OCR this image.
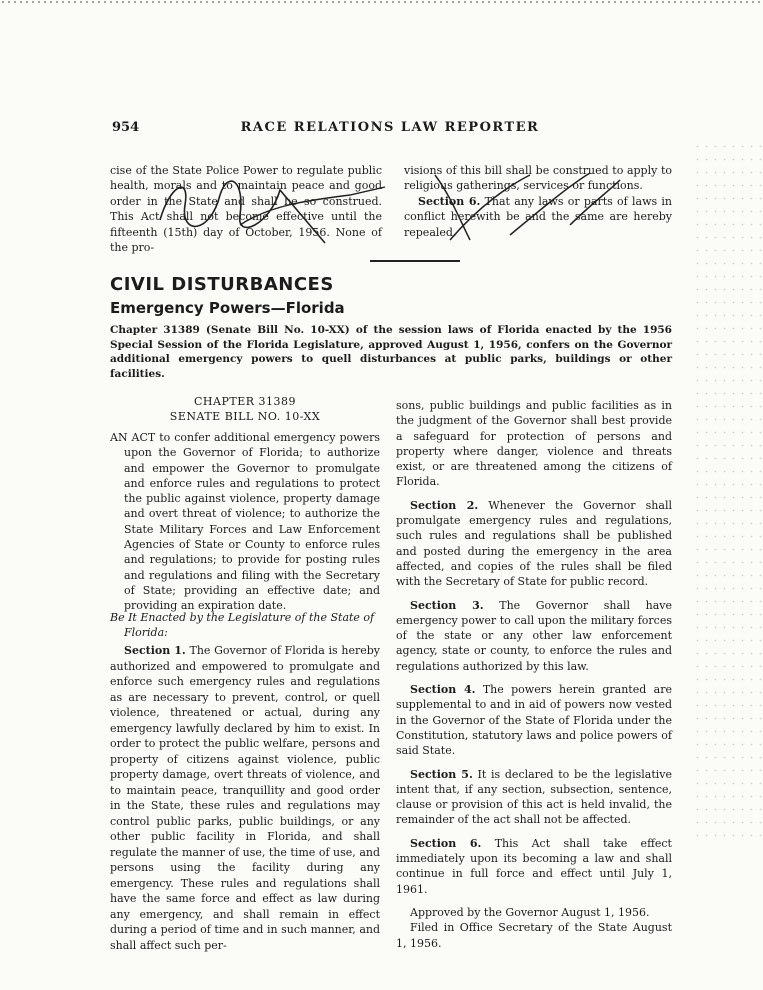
954	RACE RELATIONS LAW REPORTER

cise of the State Police Power to regulate public health, morals and to maintain peace and good order in the State and shall be so construed. This Act shall not become effective until the fifteenth (15th) day of October, 1956. None of the pro-

visions of this bill shall be construed to apply to religious gatherings, services or functions.

Section 6. That any laws or parts of laws in conflict herewith be and the same are hereby repealed.

CIVIL DISTURBANCES
Emergency Powers—Florida
Chapter 31389 (Senate Bill No. 10-XX) of the session laws of Florida enacted by the 1956 Special Session of the Florida Legislature, approved August 1, 1956, confers on the Governor additional emergency powers to quell disturbances at public parks, buildings or other facilities.
CHAPTER 31389
SENATE BILL NO. 10-XX
AN ACT to confer additional emergency powers upon the Governor of Florida; to authorize and empower the Governor to promulgate and enforce rules and regulations to protect the public against violence, property damage and overt threat of violence; to authorize the State Military Forces and Law Enforcement Agencies of State or County to enforce rules and regulations; to provide for posting rules and regulations and filing with the Secretary of State; providing an effective date; and providing an expiration date.
Be It Enacted by the Legislature of the State of Florida:
Section 1. The Governor of Florida is hereby authorized and empowered to promulgate and enforce such emergency rules and regulations as are necessary to prevent, control, or quell violence, threatened or actual, during any emergency lawfully declared by him to exist. In order to protect the public welfare, persons and property of citizens against violence, public property damage, overt threats of violence, and to maintain peace, tranquillity and good order in the State, these rules and regulations may control public parks, public buildings, or any other public facility in Florida, and shall regulate the manner of use, the time of use, and persons using the facility during any emergency. These rules and regulations shall have the same force and effect as law during any emergency, and shall remain in effect during a period of time and in such manner, and shall affect such per-

sons, public buildings and public facilities as in the judgment of the Governor shall best provide a safeguard for protection of persons and property where danger, violence and threats exist, or are threatened among the citizens of Florida.

Section 2. Whenever the Governor shall promulgate emergency rules and regulations, such rules and regulations shall be published and posted during the emergency in the area affected, and copies of the rules shall be filed with the Secretary of State for public record.

Section 3. The Governor shall have emergency power to call upon the military forces of the state or any other law enforcement agency, state or county, to enforce the rules and regulations authorized by this law.

Section 4. The powers herein granted are supplemental to and in aid of powers now vested in the Governor of the State of Florida under the Constitution, statutory laws and police powers of said State.

Section 5. It is declared to be the legislative intent that, if any section, subsection, sentence, clause or provision of this act is held invalid, the remainder of the act shall not be affected.

Section 6. This Act shall take effect immediately upon its becoming a law and shall continue in full force and effect until July 1, 1961.

Approved by the Governor August 1, 1956.

Filed in Office Secretary of the State August 1, 1956.
